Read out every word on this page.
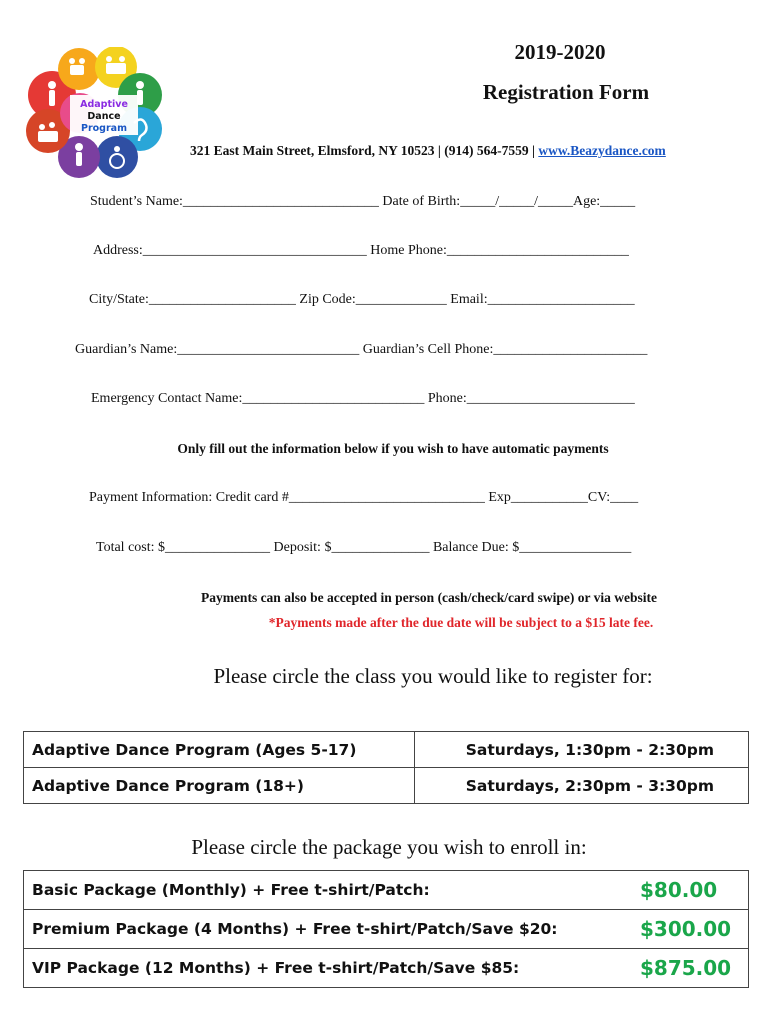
Adaptive
Dance
Program
2019-2020
Registration Form
321 East Main Street, Elmsford, NY 10523 | (914) 564-7559 | www.Beazydance.com
Student’s Name:____________________________ Date of Birth:_____/_____/_____Age:_____
Address:________________________________ Home Phone:__________________________
City/State:_____________________ Zip Code:_____________ Email:_____________________
Guardian’s Name:__________________________ Guardian’s Cell Phone:______________________
Emergency Contact Name:__________________________ Phone:________________________
Only fill out the information below if you wish to have automatic payments
Payment Information: Credit card #____________________________ Exp___________CV:____
Total cost: $_______________ Deposit: $______________ Balance Due: $________________
Payments can also be accepted in person (cash/check/card swipe) or via website
*Payments made after the due date will be subject to a $15 late fee.
Please circle the class you would like to register for:
Adaptive Dance Program (Ages 5-17)	Saturdays, 1:30pm - 2:30pm
Adaptive Dance Program (18+)	Saturdays, 2:30pm - 3:30pm
Please circle the package you wish to enroll in:
Basic Package (Monthly) + Free t-shirt/Patch:	$80.00
Premium Package (4 Months) + Free t-shirt/Patch/Save $20:	$300.00
VIP Package (12 Months) + Free t-shirt/Patch/Save $85:	$875.00
